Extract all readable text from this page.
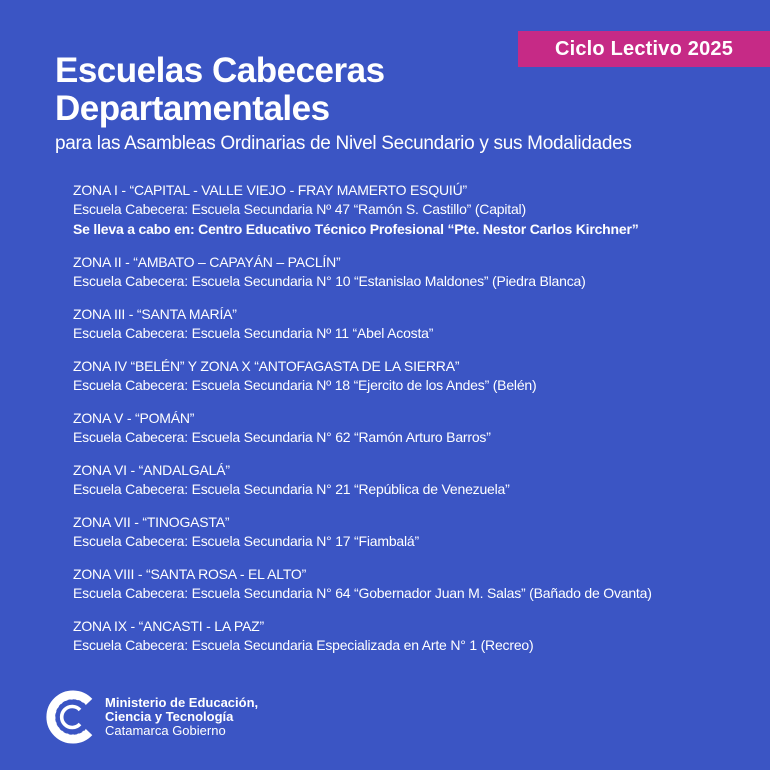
Ciclo Lectivo 2025
Escuelas Cabeceras
Departamentales
para las Asambleas Ordinarias de Nivel Secundario y sus Modalidades
ZONA I - “CAPITAL - VALLE VIEJO - FRAY MAMERTO ESQUIÚ”
Escuela Cabecera: Escuela Secundaria Nº 47 “Ramón S. Castillo” (Capital)
Se lleva a cabo en: Centro Educativo Técnico Profesional “Pte. Nestor Carlos Kirchner”
ZONA II - “AMBATO – CAPAYÁN – PACLÍN”
Escuela Cabecera: Escuela Secundaria N° 10 “Estanislao Maldones” (Piedra Blanca)
ZONA III - “SANTA MARÍA”
Escuela Cabecera: Escuela Secundaria Nº 11 “Abel Acosta”
ZONA IV “BELÉN” Y ZONA X “ANTOFAGASTA DE LA SIERRA”
Escuela Cabecera: Escuela Secundaria Nº 18 “Ejercito de los Andes” (Belén)
ZONA V - “POMÁN”
Escuela Cabecera: Escuela Secundaria N° 62 “Ramón Arturo Barros”
ZONA VI - “ANDALGALÁ”
Escuela Cabecera: Escuela Secundaria N° 21 “República de Venezuela”
ZONA VII - “TINOGASTA”
Escuela Cabecera: Escuela Secundaria N° 17 “Fiambalá”
ZONA VIII - “SANTA ROSA - EL ALTO”
Escuela Cabecera: Escuela Secundaria N° 64 “Gobernador Juan M. Salas” (Bañado de Ovanta)
ZONA IX - “ANCASTI - LA PAZ”
Escuela Cabecera: Escuela Secundaria Especializada en Arte N° 1 (Recreo)
Ministerio de Educación,
Ciencia y Tecnología
Catamarca Gobierno
